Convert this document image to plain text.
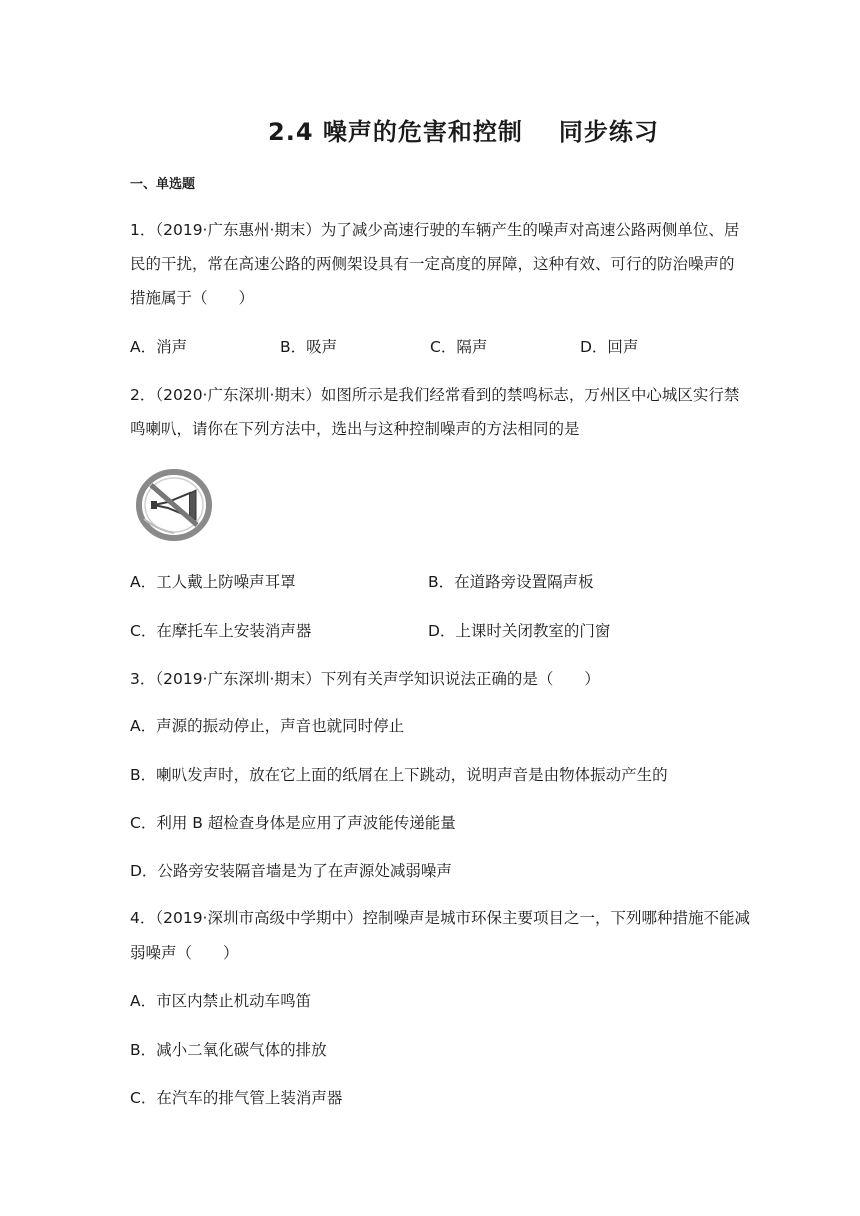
2.4 噪声的危害和控制 同步练习
一、单选题
1．（2019·广东惠州·期末）为了减少高速行驶的车辆产生的噪声对高速公路两侧单位、居
民的干扰，常在高速公路的两侧架设具有一定高度的屏障，这种有效、可行的防治噪声的
措施属于（　　）
A．消声	B．吸声	C．隔声	D．回声
2．（2020·广东深圳·期末）如图所示是我们经常看到的禁鸣标志，万州区中心城区实行禁
鸣喇叭，请你在下列方法中，选出与这种控制噪声的方法相同的是
A．工人戴上防噪声耳罩	B．在道路旁设置隔声板
C．在摩托车上安装消声器	D．上课时关闭教室的门窗
3．（2019·广东深圳·期末）下列有关声学知识说法正确的是（　　）
A．声源的振动停止，声音也就同时停止
B．喇叭发声时，放在它上面的纸屑在上下跳动，说明声音是由物体振动产生的
C．利用 B 超检查身体是应用了声波能传递能量
D．公路旁安装隔音墙是为了在声源处减弱噪声
4．（2019·深圳市高级中学期中）控制噪声是城市环保主要项目之一，下列哪种措施不能减
弱噪声（　　）
A．市区内禁止机动车鸣笛
B．减小二氧化碳气体的排放
C．在汽车的排气管上装消声器
